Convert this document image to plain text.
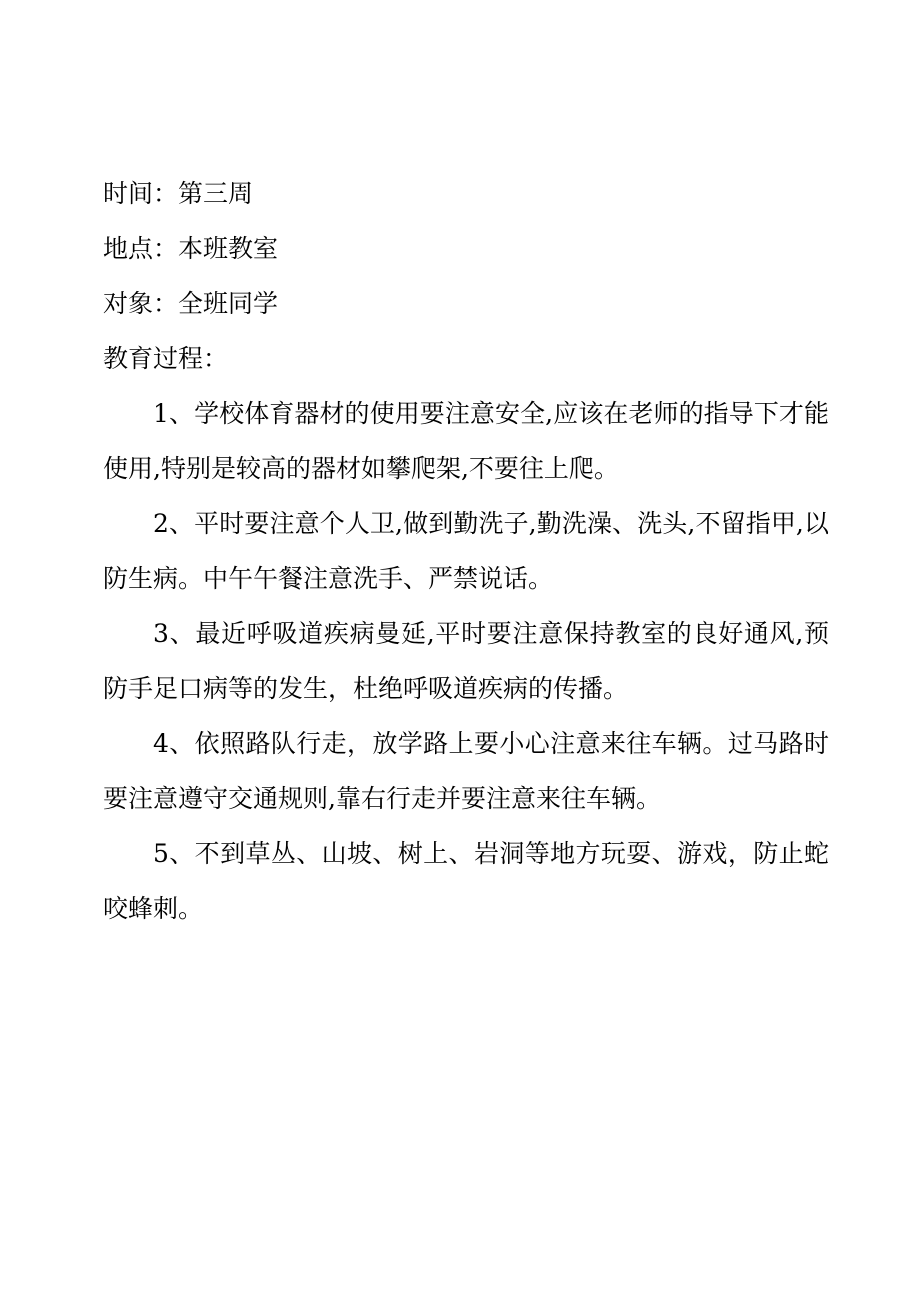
时间：第三周

地点：本班教室

对象：全班同学

教育过程：

1、学校体育器材的使用要注意安全,应该在老师的指导下才能使用,特别是较高的器材如攀爬架,不要往上爬。

2、平时要注意个人卫,做到勤洗子,勤洗澡、洗头,不留指甲,以防生病。中午午餐注意洗手、严禁说话。

3、最近呼吸道疾病曼延,平时要注意保持教室的良好通风,预防手足口病等的发生，杜绝呼吸道疾病的传播。

4、依照路队行走，放学路上要小心注意来往车辆。过马路时要注意遵守交通规则,靠右行走并要注意来往车辆。

5、不到草丛、山坡、树上、岩洞等地方玩耍、游戏，防止蛇咬蜂刺。
